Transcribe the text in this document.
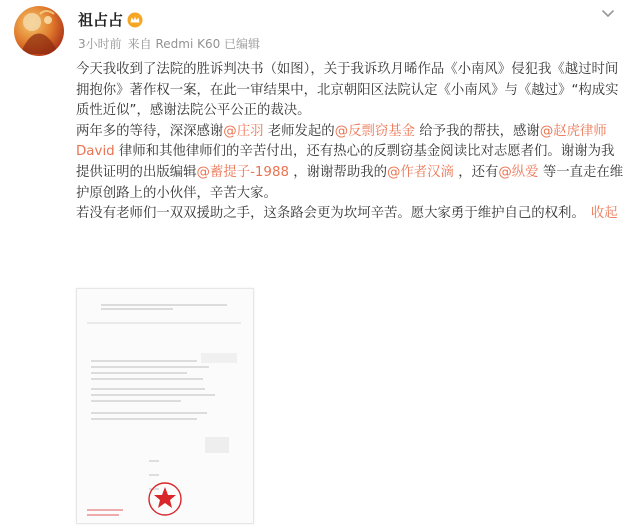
祖占占
3小时前 来自 Redmi K60 已编辑

今天我收到了法院的胜诉判决书（如图），关于我诉玖月晞作品《小南风》侵犯我《越过时间拥抱你》著作权一案，在此一审结果中，北京朝阳区法院认定《小南风》与《越过》“构成实质性近似”，感谢法院公平公正的裁决。

两年多的等待，深深感谢@庄羽 老师发起的@反剽窃基金 给予我的帮扶，感谢@赵虎律师David 律师和其他律师们的辛苦付出，还有热心的反剽窃基金阅读比对志愿者们。谢谢为我提供证明的出版编辑@蓄提子-1988 ，谢谢帮助我的@作者汉滴 ，还有@纵爱 等一直走在维护原创路上的小伙伴，辛苦大家。

若没有老师们一双双援助之手，这条路会更为坎坷辛苦。愿大家勇于维护自己的权利。 收起
